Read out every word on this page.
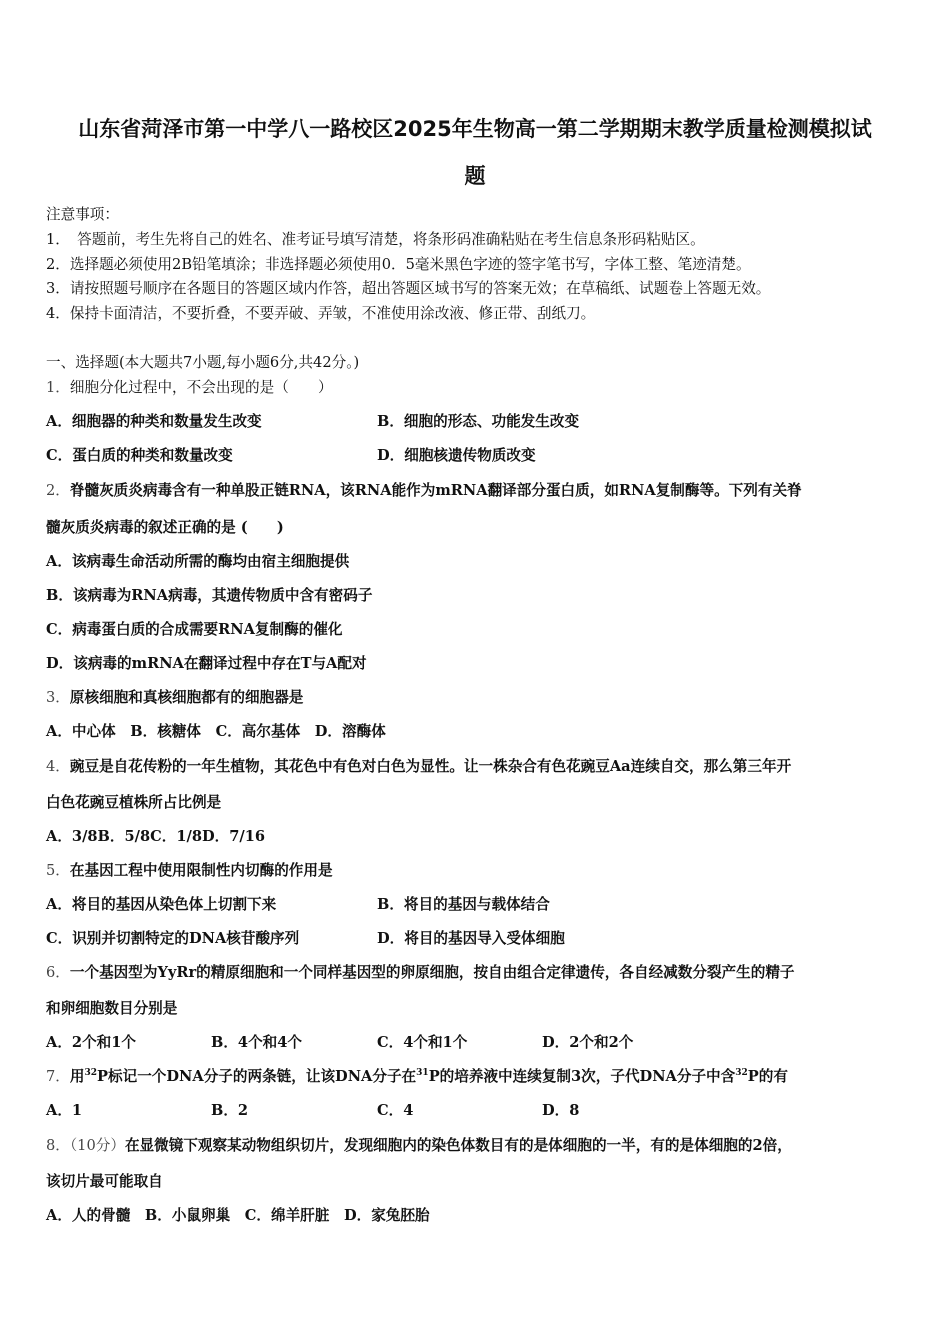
山东省菏泽市第一中学八一路校区2025年生物高一第二学期期末教学质量检测模拟试
题
注意事项：
1．　答题前，考生先将自己的姓名、准考证号填写清楚，将条形码准确粘贴在考生信息条形码粘贴区。
2．选择题必须使用2B铅笔填涂；非选择题必须使用0．5毫米黑色字迹的签字笔书写，字体工整、笔迹清楚。
3．请按照题号顺序在各题目的答题区域内作答，超出答题区域书写的答案无效；在草稿纸、试题卷上答题无效。
4．保持卡面清洁，不要折叠，不要弄破、弄皱，不准使用涂改液、修正带、刮纸刀。
一、选择题(本大题共7小题,每小题6分,共42分。)
1．细胞分化过程中，不会出现的是（　　）
A．细胞器的种类和数量发生改变	B．细胞的形态、功能发生改变
C．蛋白质的种类和数量改变	D．细胞核遗传物质改变
2．脊髓灰质炎病毒含有一种单股正链RNA，该RNA能作为mRNA翻译部分蛋白质，如RNA复制酶等。下列有关脊
髓灰质炎病毒的叙述正确的是 (　　)
A．该病毒生命活动所需的酶均由宿主细胞提供
B．该病毒为RNA病毒，其遗传物质中含有密码子
C．病毒蛋白质的合成需要RNA复制酶的催化
D．该病毒的mRNA在翻译过程中存在T与A配对
3．原核细胞和真核细胞都有的细胞器是
A．中心体　B．核糖体　C．高尔基体　D．溶酶体
4．豌豆是自花传粉的一年生植物，其花色中有色对白色为显性。让一株杂合有色花豌豆Aa连续自交，那么第三年开
白色花豌豆植株所占比例是
A．3/8B．5/8C．1/8D．7/16
5．在基因工程中使用限制性内切酶的作用是
A．将目的基因从染色体上切割下来	B．将目的基因与载体结合
C．识别并切割特定的DNA核苷酸序列	D．将目的基因导入受体细胞
6．一个基因型为YyRr的精原细胞和一个同样基因型的卵原细胞，按自由组合定律遗传，各自经减数分裂产生的精子
和卵细胞数目分别是
A．2个和1个	B．4个和4个	C．4个和1个	D．2个和2个
7．用$^{32}$P标记一个DNA分子的两条链，让该DNA分子在$^{31}$P的培养液中连续复制3次，子代DNA分子中含$^{32}$P的有
A．1	B．2	C．4	D．8
8．（10分）在显微镜下观察某动物组织切片，发现细胞内的染色体数目有的是体细胞的一半，有的是体细胞的2倍，
该切片最可能取自
A．人的骨髓　B．小鼠卵巢　C．绵羊肝脏　D．家兔胚胎
